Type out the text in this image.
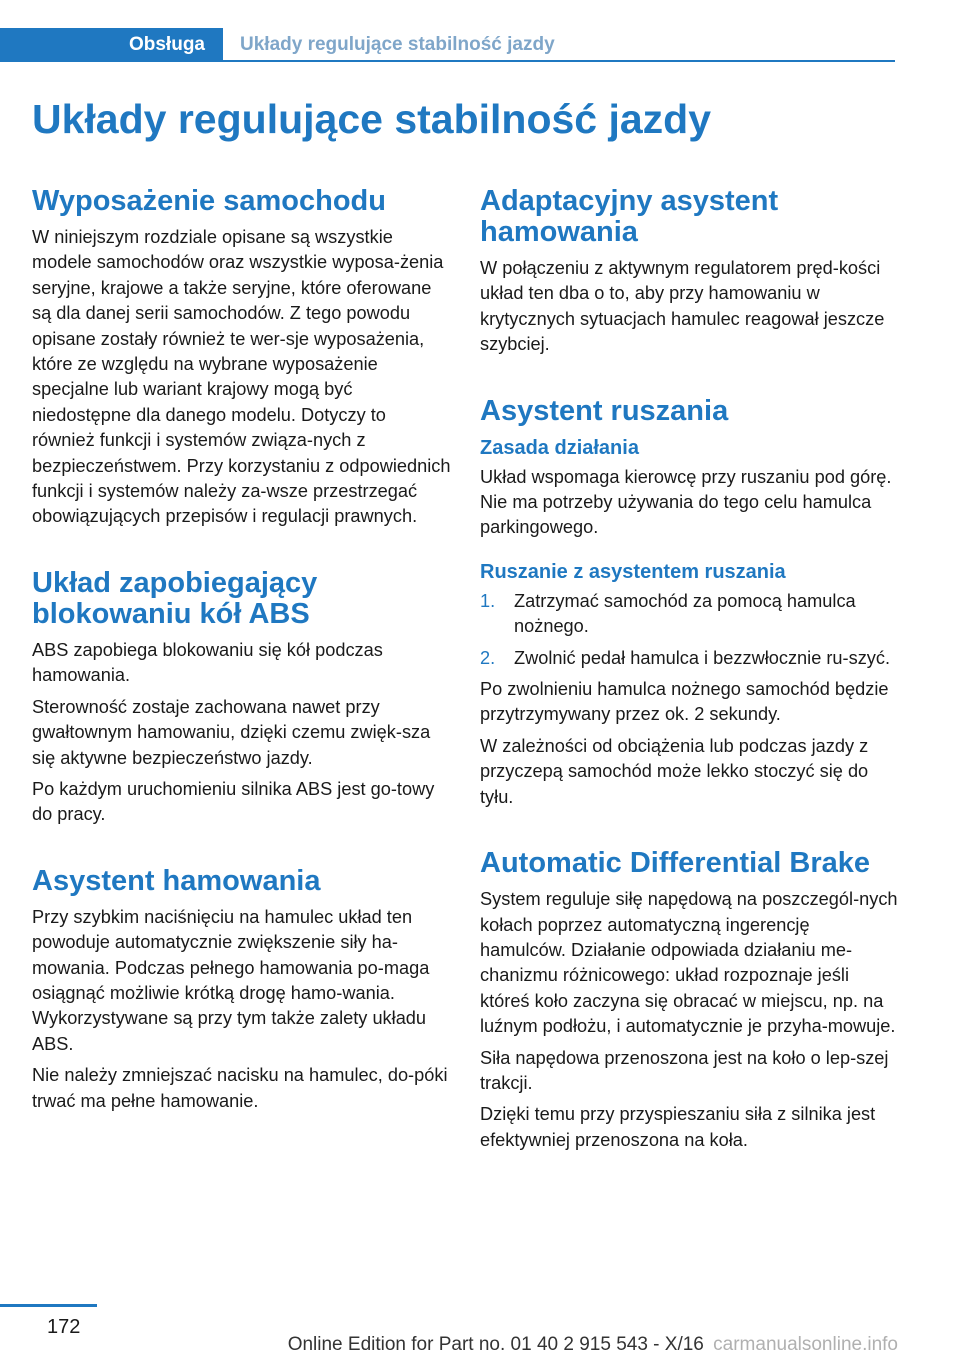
Obsługa	Układy regulujące stabilność jazdy
Układy regulujące stabilność jazdy
Wyposażenie samochodu

W niniejszym rozdziale opisane są wszystkie modele samochodów oraz wszystkie wyposa-żenia seryjne, krajowe a także seryjne, które oferowane są dla danej serii samochodów. Z tego powodu opisane zostały również te wer-sje wyposażenia, które ze względu na wybrane wyposażenie specjalne lub wariant krajowy mogą być niedostępne dla danego modelu. Dotyczy to również funkcji i systemów związa-nych z bezpieczeństwem. Przy korzystaniu z odpowiednich funkcji i systemów należy za-wsze przestrzegać obowiązujących przepisów i regulacji prawnych.

Układ zapobiegający blokowaniu kół ABS

ABS zapobiega blokowaniu się kół podczas hamowania.

Sterowność zostaje zachowana nawet przy gwałtownym hamowaniu, dzięki czemu zwięk-sza się aktywne bezpieczeństwo jazdy.

Po każdym uruchomieniu silnika ABS jest go-towy do pracy.

Asystent hamowania

Przy szybkim naciśnięciu na hamulec układ ten powoduje automatycznie zwiększenie siły ha-mowania. Podczas pełnego hamowania po-maga osiągnąć możliwie krótką drogę hamo-wania. Wykorzystywane są przy tym także zalety układu ABS.

Nie należy zmniejszać nacisku na hamulec, do-póki trwać ma pełne hamowanie.

Adaptacyjny asystent hamowania

W połączeniu z aktywnym regulatorem pręd-kości układ ten dba o to, aby przy hamowaniu w krytycznych sytuacjach hamulec reagował jeszcze szybciej.

Asystent ruszania
Zasada działania

Układ wspomaga kierowcę przy ruszaniu pod górę. Nie ma potrzeby używania do tego celu hamulca parkingowego.

Ruszanie z asystentem ruszania
1. Zatrzymać samochód za pomocą hamulca nożnego.
2. Zwolnić pedał hamulca i bezzwłocznie ru-szyć.

Po zwolnieniu hamulca nożnego samochód będzie przytrzymywany przez ok. 2 sekundy.

W zależności od obciążenia lub podczas jazdy z przyczepą samochód może lekko stoczyć się do tyłu.

Automatic Differential Brake

System reguluje siłę napędową na poszczegól-nych kołach poprzez automatyczną ingerencję hamulców. Działanie odpowiada działaniu me-chanizmu różnicowego: układ rozpoznaje jeśli któreś koło zaczyna się obracać w miejscu, np. na luźnym podłożu, i automatycznie je przyha-mowuje.

Siła napędowa przenoszona jest na koło o lep-szej trakcji.

Dzięki temu przy przyspieszaniu siła z silnika jest efektywniej przenoszona na koła.

172
Online Edition for Part no. 01 40 2 915 543 - X/16 carmanualsonline.info
